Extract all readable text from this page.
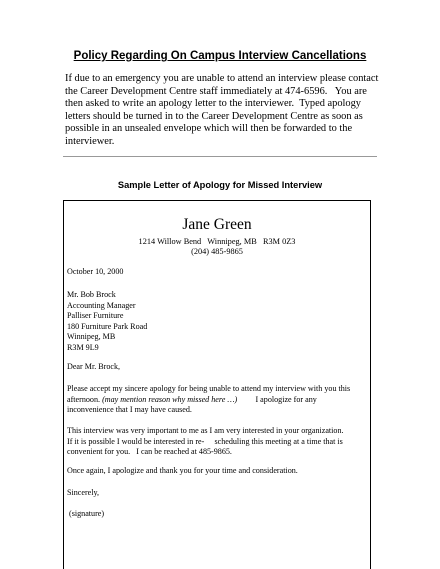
Policy Regarding On Campus Interview Cancellations
If due to an emergency you are unable to attend an interview please contact
the Career Development Centre staff immediately at 474-6596.   You are
then asked to write an apology letter to the interviewer.  Typed apology
letters should be turned in to the Career Development Centre as soon as
possible in an unsealed envelope which will then be forwarded to the
interviewer.
Sample Letter of Apology for Missed Interview
Jane Green
1214 Willow Bend   Winnipeg, MB   R3M 0Z3
(204) 485-9865
October 10, 2000
Mr. Bob Brock
Accounting Manager
Palliser Furniture
180 Furniture Park Road
Winnipeg, MB
R3M 9L9
Dear Mr. Brock,
Please accept my sincere apology for being unable to attend my interview with you this
afternoon. (may mention reason why missed here …)         I apologize for any
inconvenience that I may have caused.
This interview was very important to me as I am very interested in your organization.
If it is possible I would be interested in re-     scheduling this meeting at a time that is
convenient for you.   I can be reached at 485-9865.
Once again, I apologize and thank you for your time and consideration.
Sincerely,
(signature)
